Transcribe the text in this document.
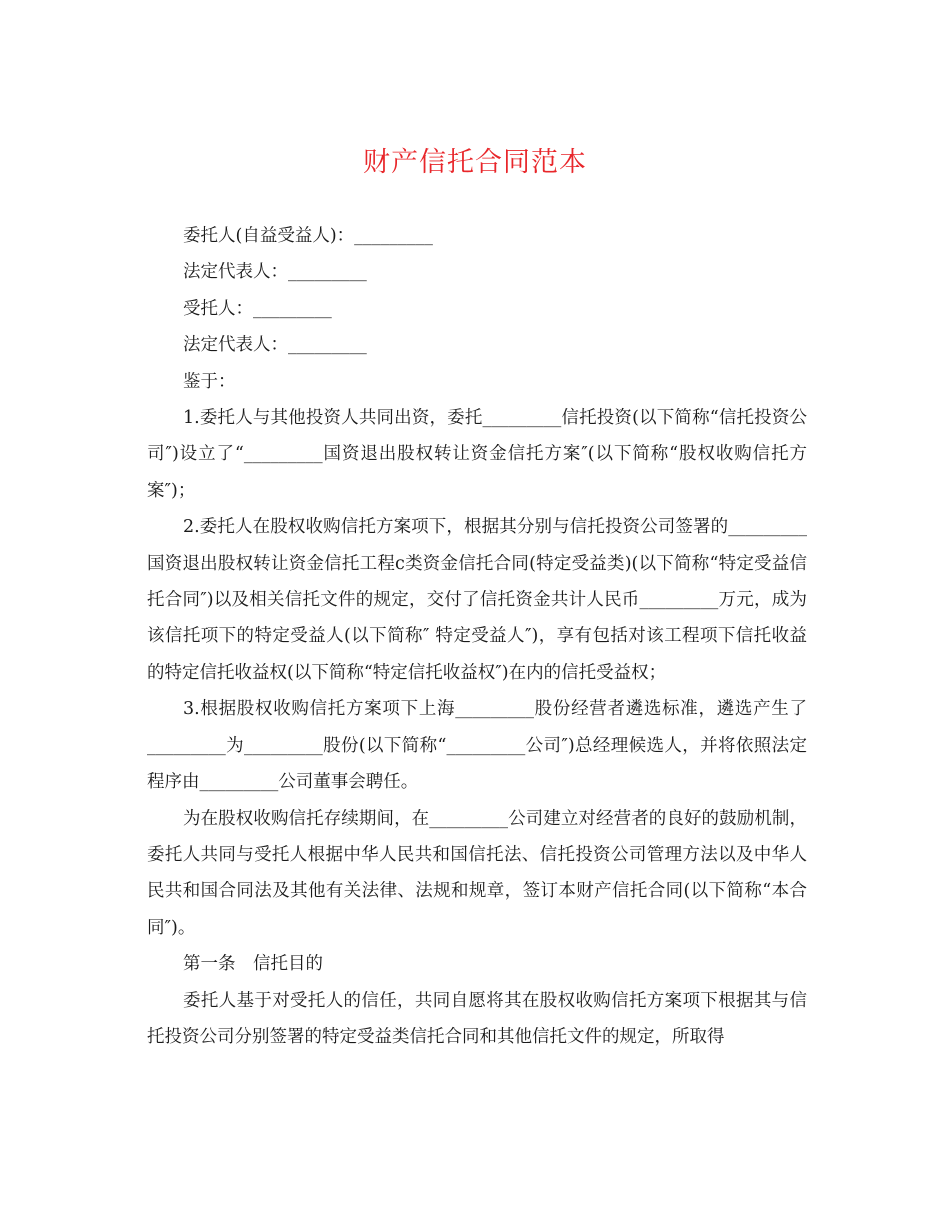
财产信托合同范本

委托人(自益受益人)：_________

法定代表人：_________

受托人：_________

法定代表人：_________

鉴于：

1.委托人与其他投资人共同出资，委托_________信托投资(以下简称“信托投资公司″)设立了“_________国资退出股权转让资金信托方案″(以下简称“股权收购信托方案″)；

2.委托人在股权收购信托方案项下，根据其分别与信托投资公司签署的_________国资退出股权转让资金信托工程c类资金信托合同(特定受益类)(以下简称“特定受益信托合同″)以及相关信托文件的规定，交付了信托资金共计人民币_________万元，成为该信托项下的特定受益人(以下简称″ 特定受益人″)，享有包括对该工程项下信托收益的特定信托收益权(以下简称“特定信托收益权″)在内的信托受益权；

3.根据股权收购信托方案项下上海_________股份经营者遴选标准，遴选产生了_________为_________股份(以下简称“_________公司″)总经理候选人，并将依照法定程序由_________公司董事会聘任。

为在股权收购信托存续期间，在_________公司建立对经营者的良好的鼓励机制，委托人共同与受托人根据中华人民共和国信托法、信托投资公司管理方法以及中华人民共和国合同法及其他有关法律、法规和规章，签订本财产信托合同(以下简称“本合同″)。

第一条　信托目的

委托人基于对受托人的信任，共同自愿将其在股权收购信托方案项下根据其与信托投资公司分别签署的特定受益类信托合同和其他信托文件的规定，所取得
